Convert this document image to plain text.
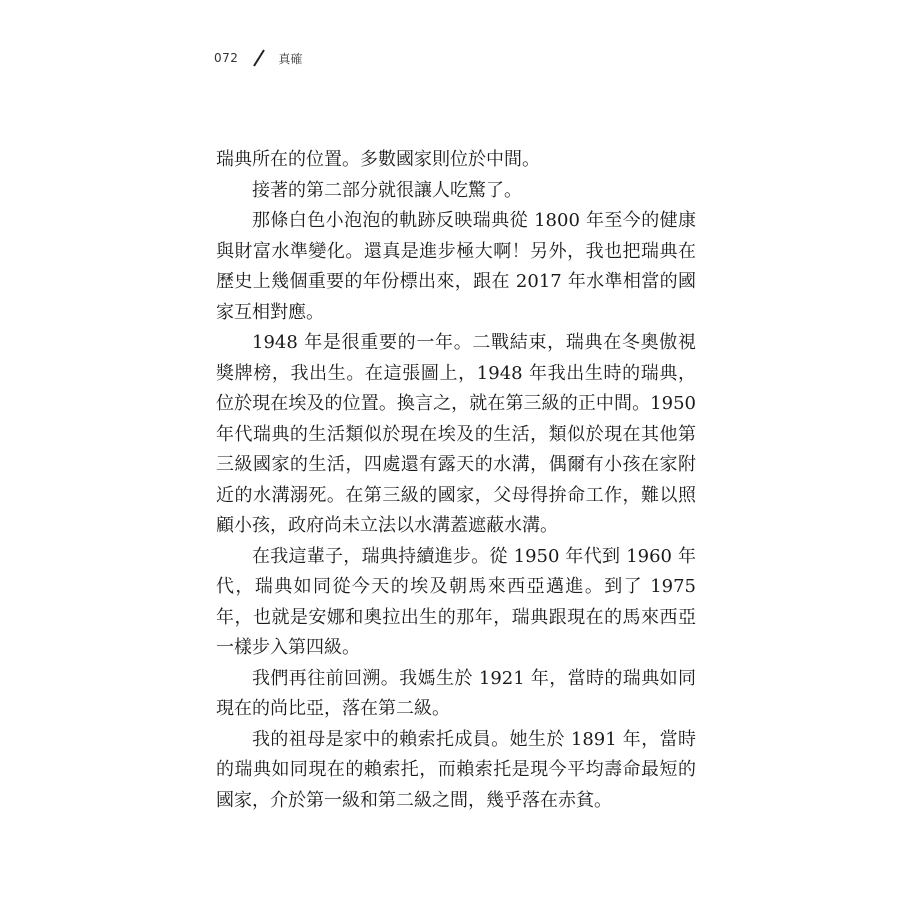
072	真確

瑞典所在的位置。多數國家則位於中間。

接著的第二部分就很讓人吃驚了。

那條白色小泡泡的軌跡反映瑞典從 1800 年至今的健康與財富水準變化。還真是進步極大啊！另外，我也把瑞典在歷史上幾個重要的年份標出來，跟在 2017 年水準相當的國家互相對應。

1948 年是很重要的一年。二戰結束，瑞典在冬奧傲視獎牌榜，我出生。在這張圖上，1948 年我出生時的瑞典，位於現在埃及的位置。換言之，就在第三級的正中間。1950 年代瑞典的生活類似於現在埃及的生活，類似於現在其他第三級國家的生活，四處還有露天的水溝，偶爾有小孩在家附近的水溝溺死。在第三級的國家，父母得拚命工作，難以照顧小孩，政府尚未立法以水溝蓋遮蔽水溝。

在我這輩子，瑞典持續進步。從 1950 年代到 1960 年代，瑞典如同從今天的埃及朝馬來西亞邁進。到了 1975 年，也就是安娜和奧拉出生的那年，瑞典跟現在的馬來西亞一樣步入第四級。

我們再往前回溯。我媽生於 1921 年，當時的瑞典如同現在的尚比亞，落在第二級。

我的祖母是家中的賴索托成員。她生於 1891 年，當時的瑞典如同現在的賴索托，而賴索托是現今平均壽命最短的國家，介於第一級和第二級之間，幾乎落在赤貧。
